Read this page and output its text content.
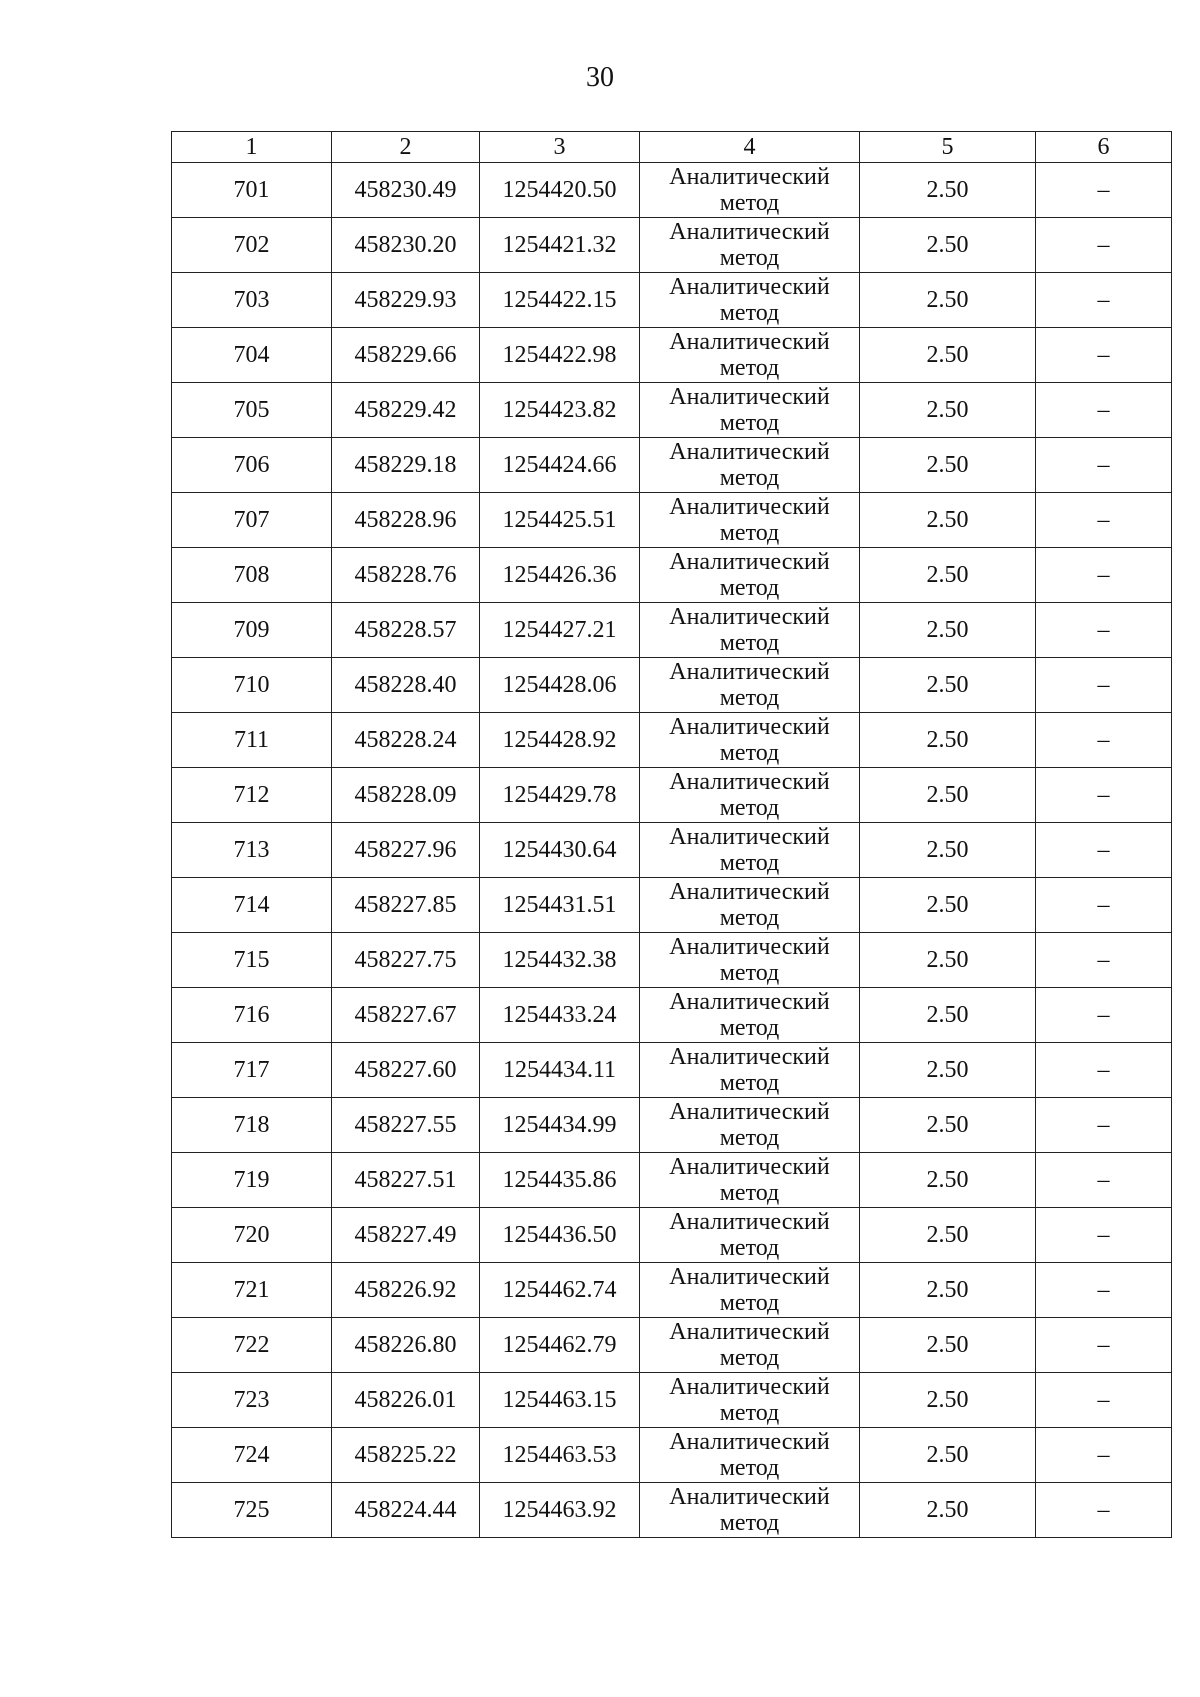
30
1	2	3	4	5	6
701	458230.49	1254420.50	Аналитический метод	2.50	–
702	458230.20	1254421.32	Аналитический метод	2.50	–
703	458229.93	1254422.15	Аналитический метод	2.50	–
704	458229.66	1254422.98	Аналитический метод	2.50	–
705	458229.42	1254423.82	Аналитический метод	2.50	–
706	458229.18	1254424.66	Аналитический метод	2.50	–
707	458228.96	1254425.51	Аналитический метод	2.50	–
708	458228.76	1254426.36	Аналитический метод	2.50	–
709	458228.57	1254427.21	Аналитический метод	2.50	–
710	458228.40	1254428.06	Аналитический метод	2.50	–
711	458228.24	1254428.92	Аналитический метод	2.50	–
712	458228.09	1254429.78	Аналитический метод	2.50	–
713	458227.96	1254430.64	Аналитический метод	2.50	–
714	458227.85	1254431.51	Аналитический метод	2.50	–
715	458227.75	1254432.38	Аналитический метод	2.50	–
716	458227.67	1254433.24	Аналитический метод	2.50	–
717	458227.60	1254434.11	Аналитический метод	2.50	–
718	458227.55	1254434.99	Аналитический метод	2.50	–
719	458227.51	1254435.86	Аналитический метод	2.50	–
720	458227.49	1254436.50	Аналитический метод	2.50	–
721	458226.92	1254462.74	Аналитический метод	2.50	–
722	458226.80	1254462.79	Аналитический метод	2.50	–
723	458226.01	1254463.15	Аналитический метод	2.50	–
724	458225.22	1254463.53	Аналитический метод	2.50	–
725	458224.44	1254463.92	Аналитический метод	2.50	–
